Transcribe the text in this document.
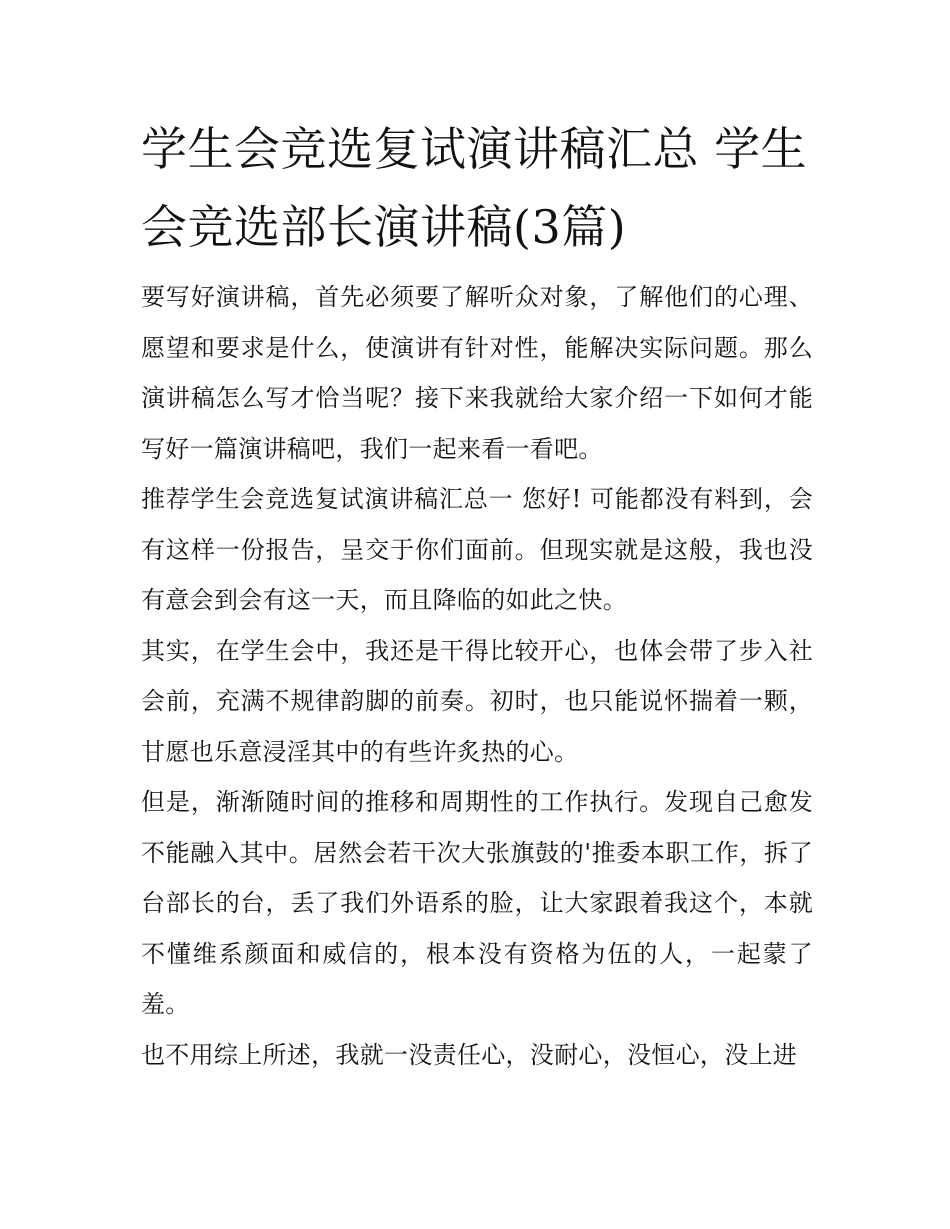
学生会竞选复试演讲稿汇总 学生会竞选部长演讲稿(3篇)

要写好演讲稿，首先必须要了解听众对象，了解他们的心理、愿望和要求是什么，使演讲有针对性，能解决实际问题。那么演讲稿怎么写才恰当呢？接下来我就给大家介绍一下如何才能写好一篇演讲稿吧，我们一起来看一看吧。

推荐学生会竞选复试演讲稿汇总一 您好! 可能都没有料到，会有这样一份报告，呈交于你们面前。但现实就是这般，我也没有意会到会有这一天，而且降临的如此之快。

其实，在学生会中，我还是干得比较开心，也体会带了步入社会前，充满不规律韵脚的前奏。初时，也只能说怀揣着一颗，甘愿也乐意浸淫其中的有些许炙热的心。

但是，渐渐随时间的推移和周期性的工作执行。发现自己愈发不能融入其中。居然会若干次大张旗鼓的'推委本职工作，拆了台部长的台，丢了我们外语系的脸，让大家跟着我这个，本就不懂维系颜面和威信的，根本没有资格为伍的人，一起蒙了羞。

也不用综上所述，我就一没责任心，没耐心，没恒心，没上进
